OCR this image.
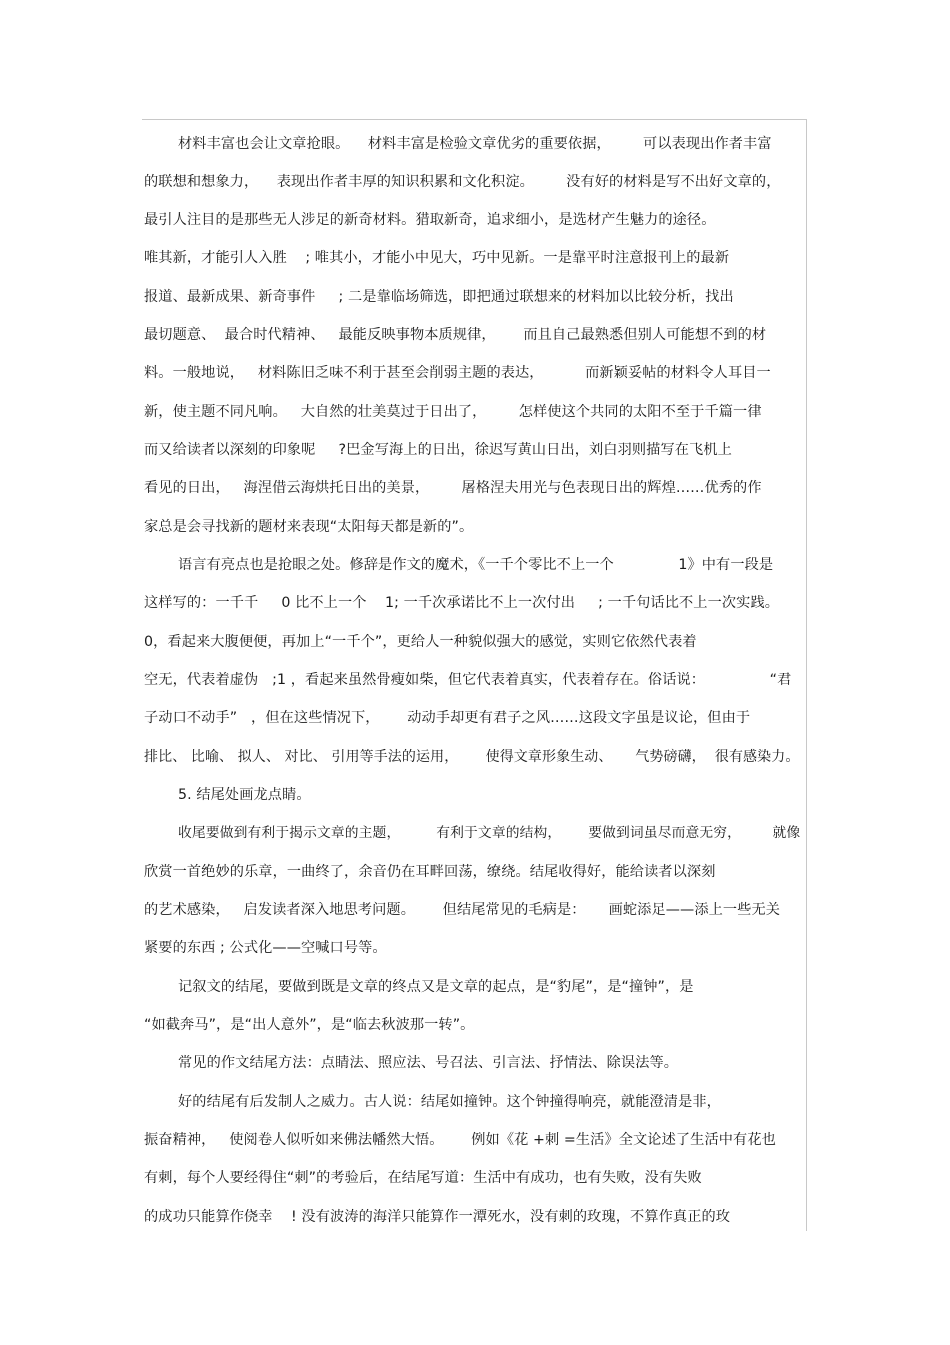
材料丰富也会让文章抢眼。    材料丰富是检验文章优劣的重要依据，       可以表现出作者丰富
的联想和想象力，    表现出作者丰厚的知识积累和文化积淀。       没有好的材料是写不出好文章的，
最引人注目的是那些无人涉足的新奇材料。猎取新奇，追求细小，是选材产生魅力的途径。
唯其新，才能引人入胜    ; 唯其小，才能小中见大，巧中见新。一是靠平时注意报刊上的最新
报道、最新成果、新奇事件     ; 二是靠临场筛选，即把通过联想来的材料加以比较分析，找出
最切题意、  最合时代精神、   最能反映事物本质规律，      而且自己最熟悉但别人可能想不到的材
料。一般地说，   材料陈旧乏味不利于甚至会削弱主题的表达，         而新颖妥帖的材料令人耳目一
新，使主题不同凡响。   大自然的壮美莫过于日出了，       怎样使这个共同的太阳不至于千篇一律
而又给读者以深刻的印象呢     ?巴金写海上的日出，徐迟写黄山日出，刘白羽则描写在飞机上
看见的日出，   海涅借云海烘托日出的美景，       屠格涅夫用光与色表现日出的辉煌……优秀的作
家总是会寻找新的题材来表现“太阳每天都是新的”。
语言有亮点也是抢眼之处。修辞是作文的魔术，《一千个零比不上一个              1》中有一段是
这样写的：一千千     0 比不上一个    1; 一千次承诺比不上一次付出     ; 一千句话比不上一次实践。
0，看起来大腹便便，再加上“一千个”，更给人一种貌似强大的感觉，实则它依然代表着
空无，代表着虚伪   ;1 ，看起来虽然骨瘦如柴，但它代表着真实，代表着存在。俗话说：              “君
子动口不动手”   ，但在这些情况下，      动动手却更有君子之风……这段文字虽是议论，但由于
排比、 比喻、 拟人、 对比、 引用等手法的运用，      使得文章形象生动、     气势磅礴，  很有感染力。
5. 结尾处画龙点睛。
收尾要做到有利于揭示文章的主题，        有利于文章的结构，      要做到词虽尽而意无穷，       就像
欣赏一首绝妙的乐章，一曲终了，余音仍在耳畔回荡，缭绕。结尾收得好，能给读者以深刻
的艺术感染，   启发读者深入地思考问题。      但结尾常见的毛病是：     画蛇添足——添上一些无关
紧要的东西 ; 公式化——空喊口号等。
记叙文的结尾，要做到既是文章的终点又是文章的起点，是“豹尾”，是“撞钟”，是
“如截奔马”，是“出人意外”，是“临去秋波那一转”。
常见的作文结尾方法：点睛法、照应法、号召法、引言法、抒情法、除误法等。
好的结尾有后发制人之威力。古人说：结尾如撞钟。这个钟撞得响亮，就能澄清是非，
振奋精神，   使阅卷人似听如来佛法幡然大悟。      例如《花 +刺 =生活》全文论述了生活中有花也
有刺，每个人要经得住“刺”的考验后，在结尾写道：生活中有成功，也有失败，没有失败
的成功只能算作侥幸    ! 没有波涛的海洋只能算作一潭死水，没有刺的玫瑰，不算作真正的玫
